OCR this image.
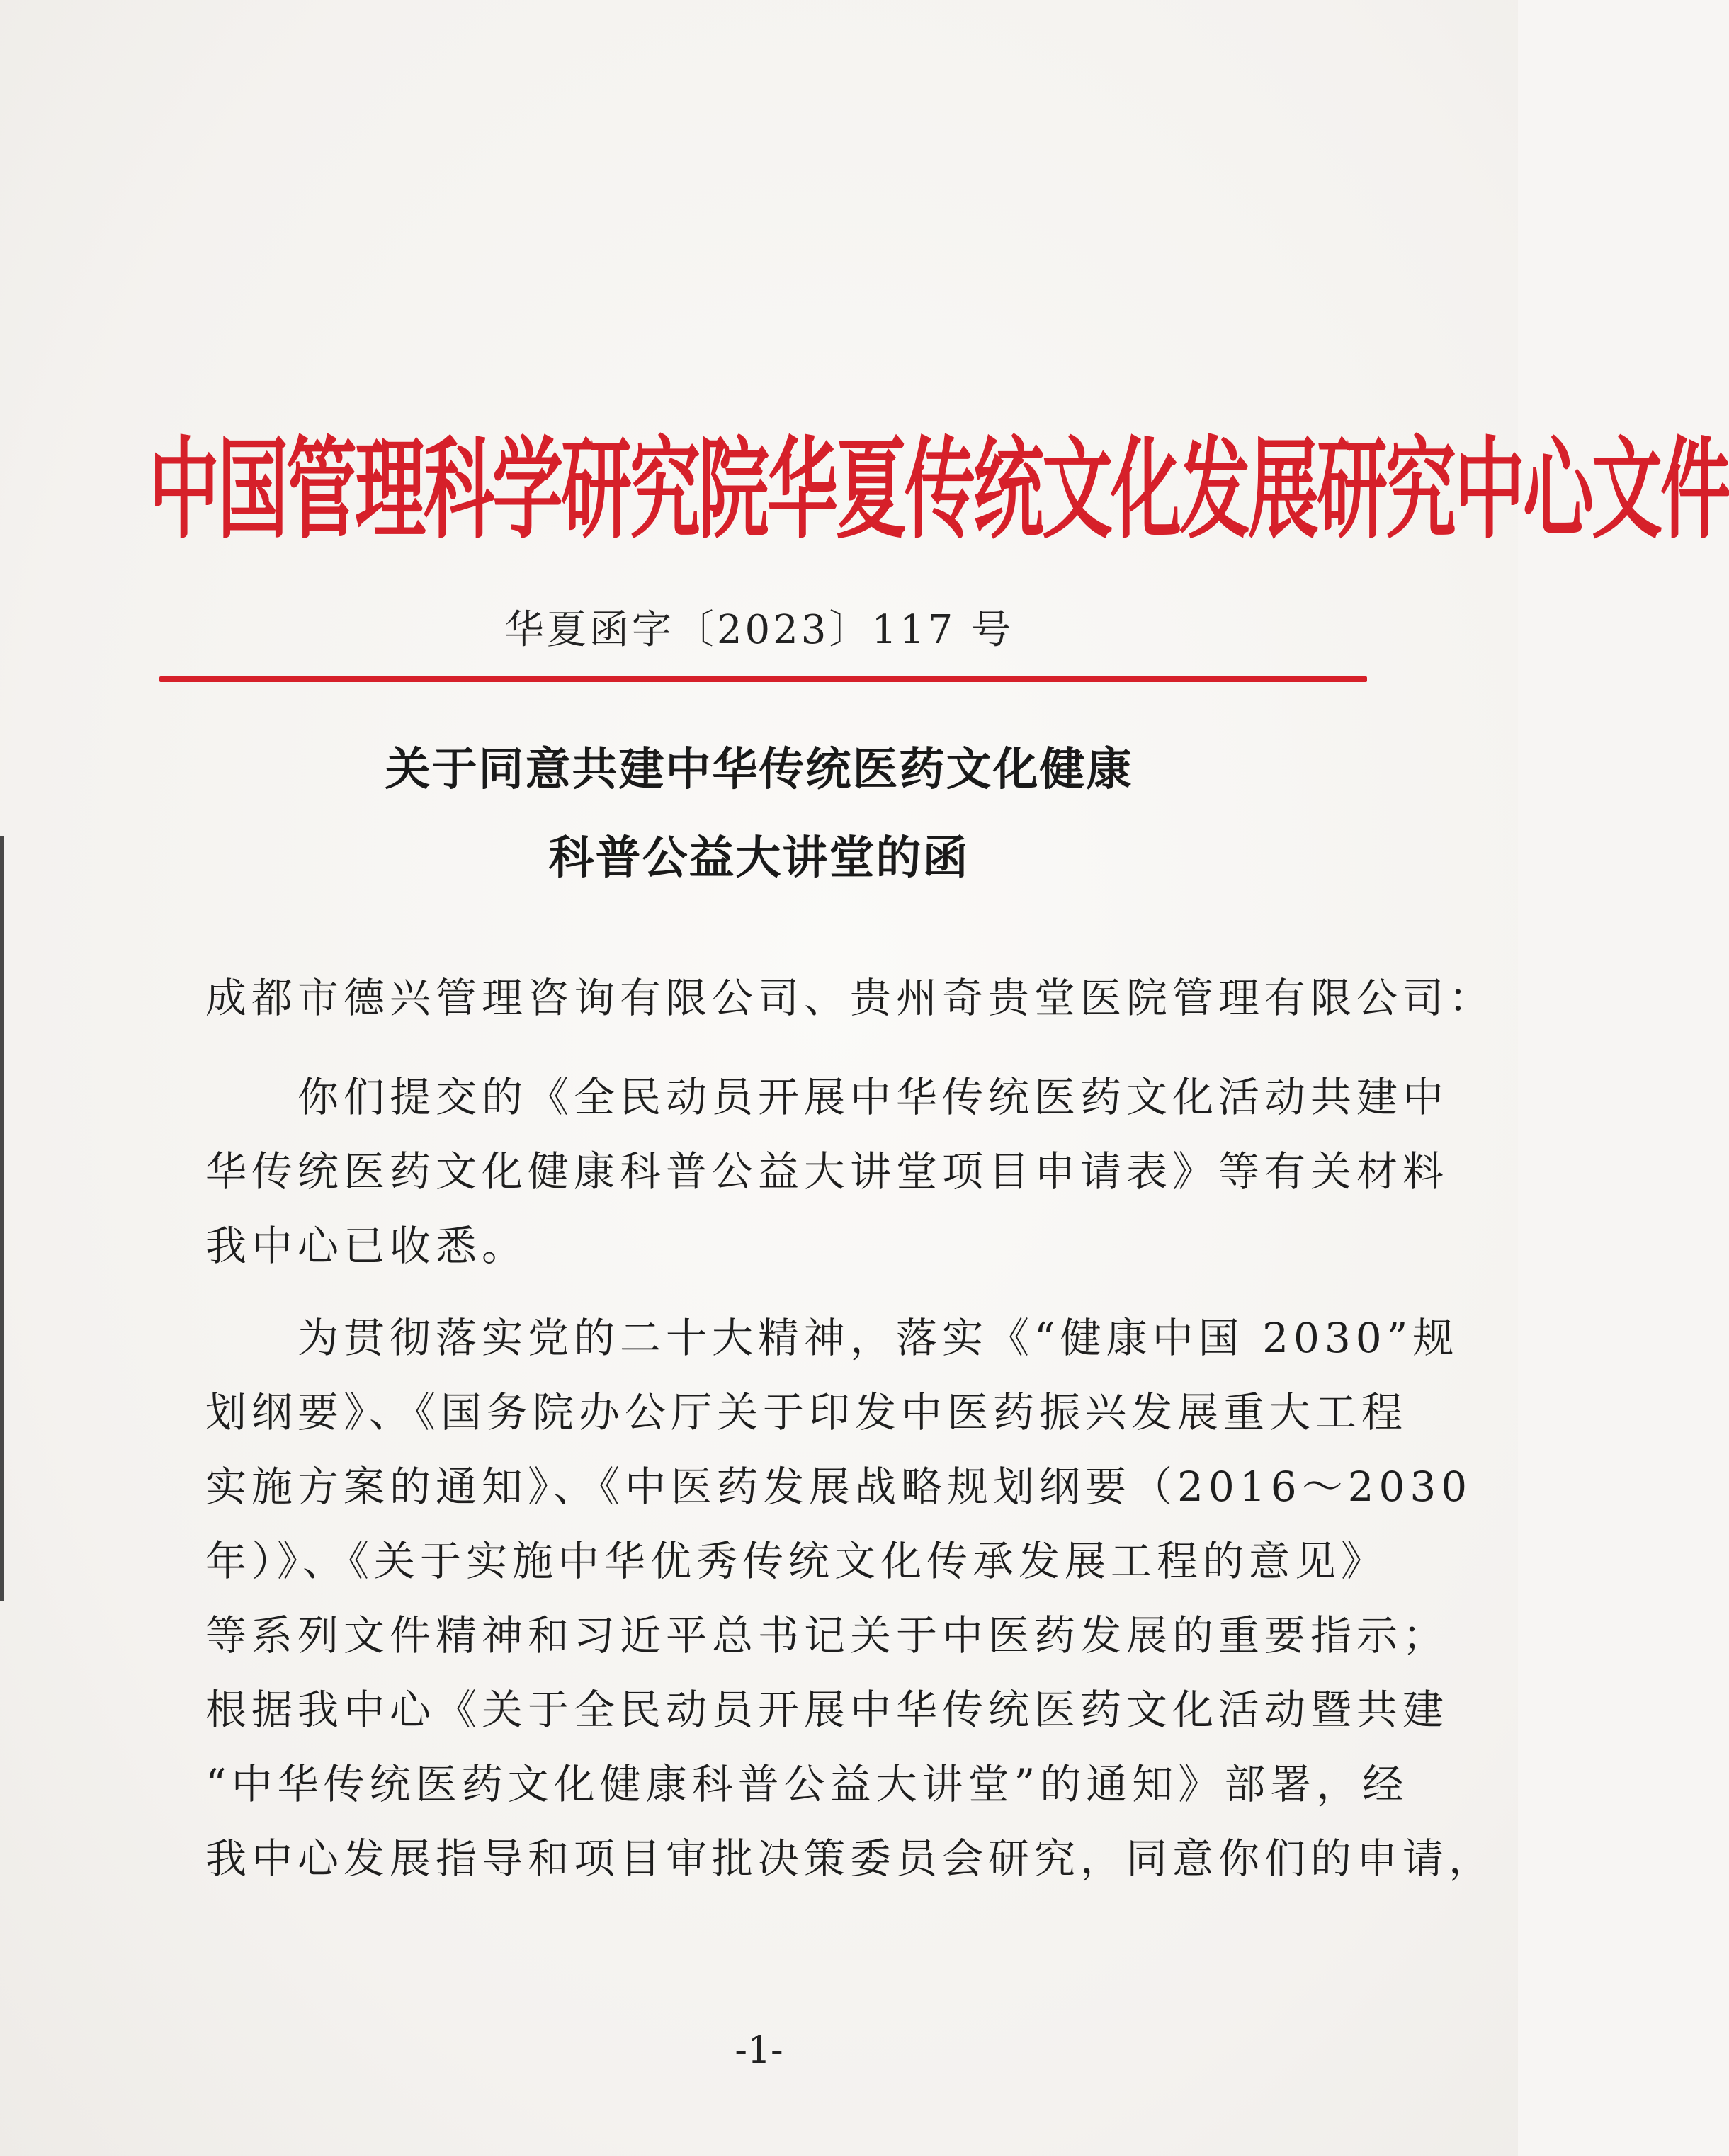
中国管理科学研究院华夏传统文化发展研究中心文件
华夏函字〔2023〕117 号
关于同意共建中华传统医药文化健康
科普公益大讲堂的函
成都市德兴管理咨询有限公司、贵州奇贵堂医院管理有限公司：
　　你们提交的《全民动员开展中华传统医药文化活动共建中
华传统医药文化健康科普公益大讲堂项目申请表》等有关材料
我中心已收悉。
　　为贯彻落实党的二十大精神，落实《“健康中国 2030”规
划纲要》、《国务院办公厅关于印发中医药振兴发展重大工程
实施方案的通知》、《中医药发展战略规划纲要（2016～2030
年）》、《关于实施中华优秀传统文化传承发展工程的意见》
等系列文件精神和习近平总书记关于中医药发展的重要指示；
根据我中心《关于全民动员开展中华传统医药文化活动暨共建
“中华传统医药文化健康科普公益大讲堂”的通知》部署，经
我中心发展指导和项目审批决策委员会研究，同意你们的申请，
-1-
